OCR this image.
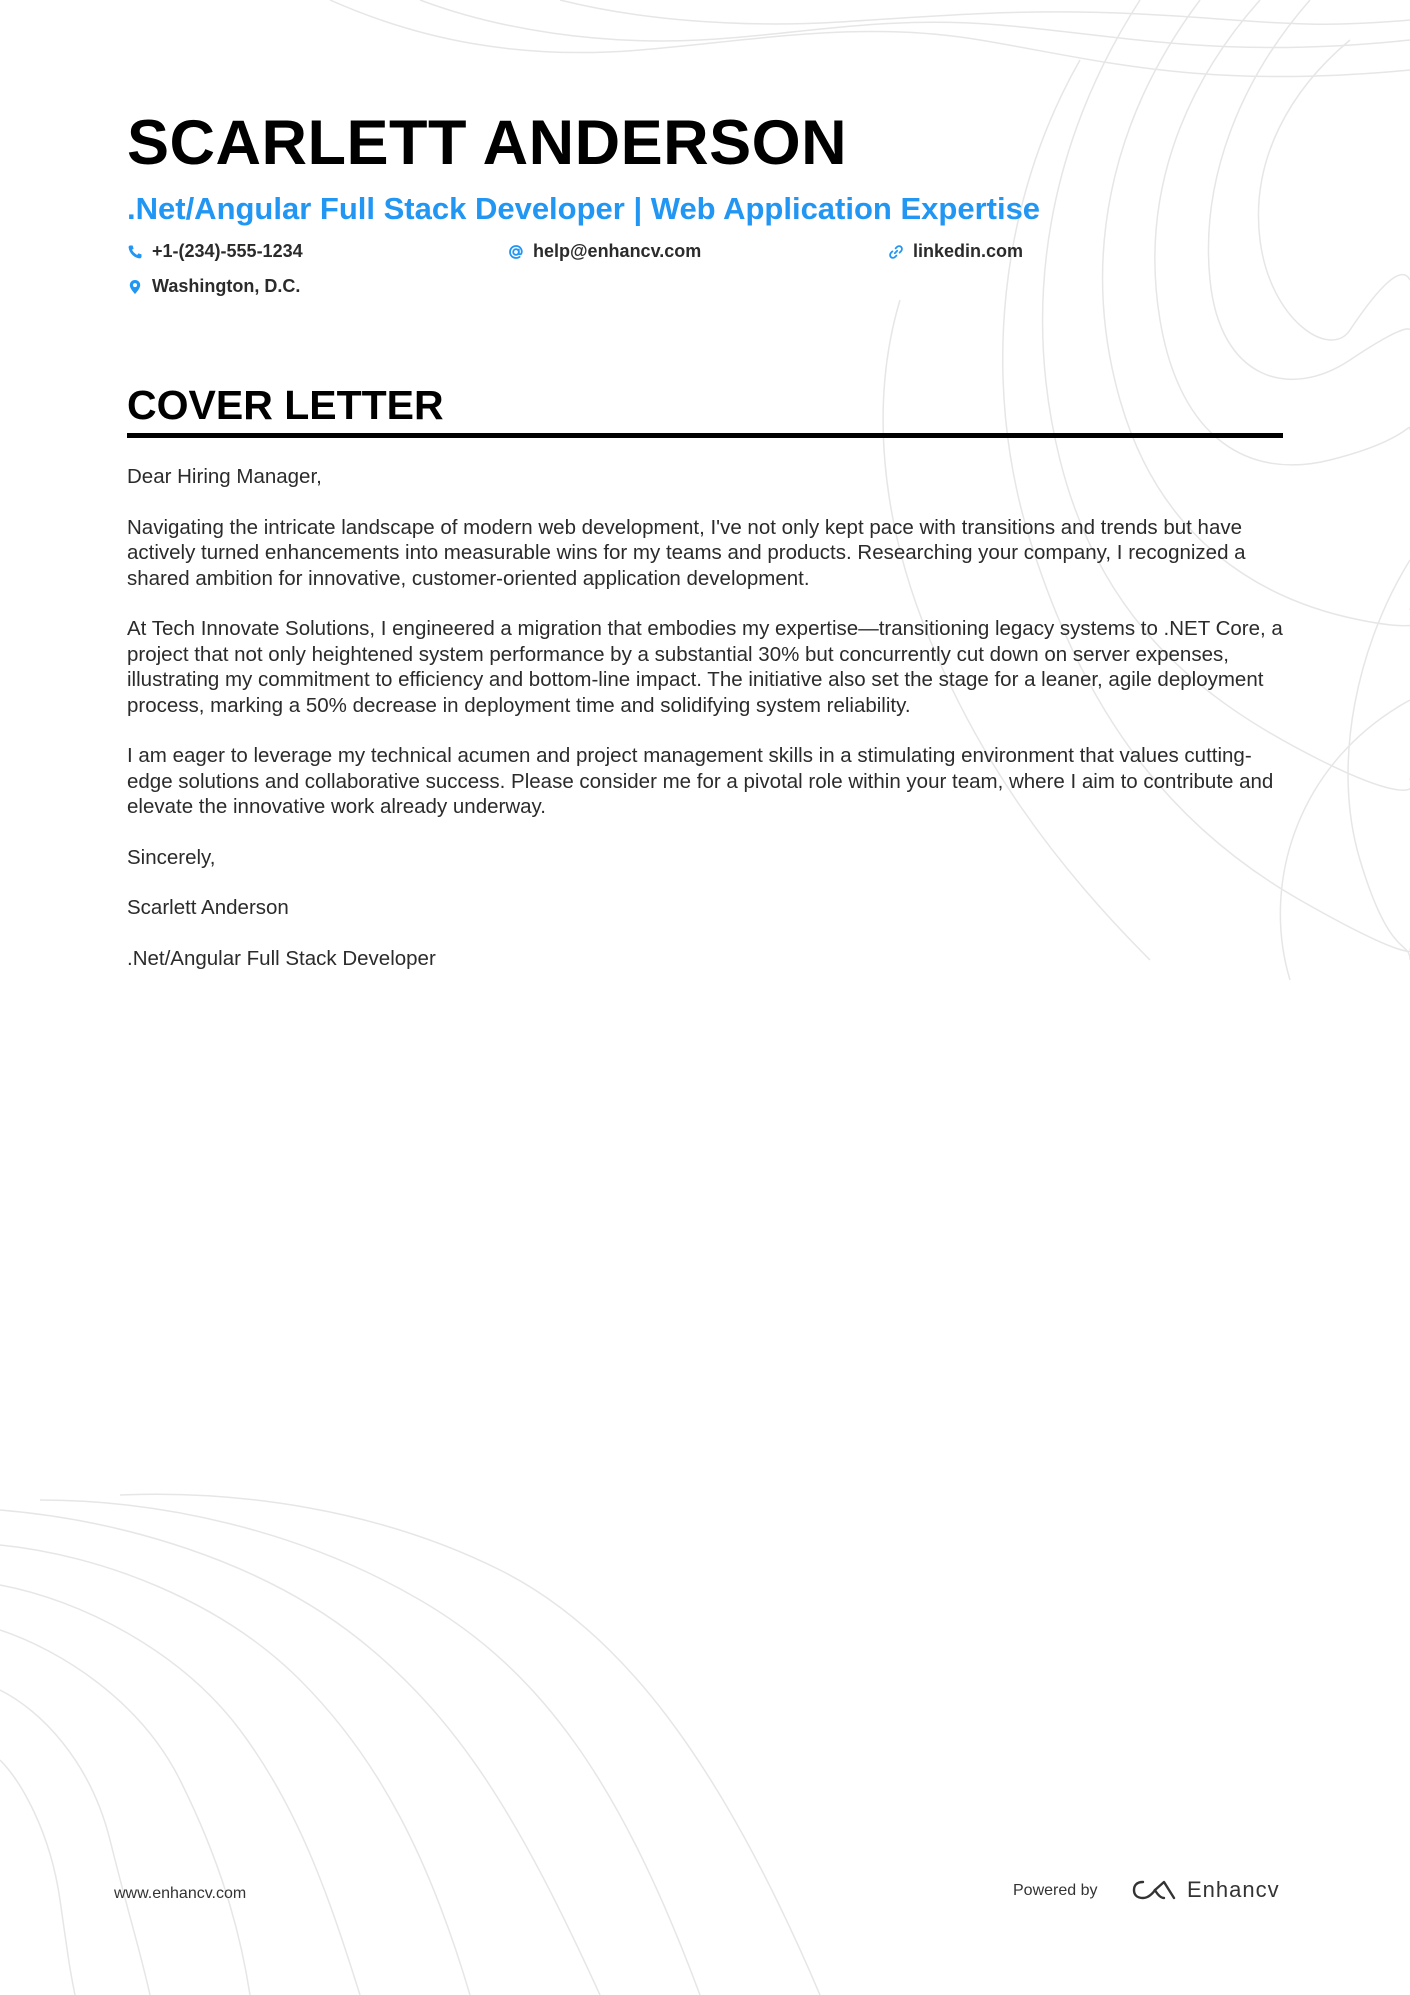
SCARLETT ANDERSON
.Net/Angular Full Stack Developer | Web Application Expertise
+1-(234)-555-1234	help@enhancv.com	linkedin.com
Washington, D.C.
COVER LETTER

Dear Hiring Manager,

Navigating the intricate landscape of modern web development, I've not only kept pace with transitions and trends but have actively turned enhancements into measurable wins for my teams and products. Researching your company, I recognized a shared ambition for innovative, customer-oriented application development.

At Tech Innovate Solutions, I engineered a migration that embodies my expertise—transitioning legacy systems to .NET Core, a project that not only heightened system performance by a substantial 30% but concurrently cut down on server expenses, illustrating my commitment to efficiency and bottom-line impact. The initiative also set the stage for a leaner, agile deployment process, marking a 50% decrease in deployment time and solidifying system reliability.

I am eager to leverage my technical acumen and project management skills in a stimulating environment that values cutting-edge solutions and collaborative success. Please consider me for a pivotal role within your team, where I aim to contribute and elevate the innovative work already underway.

Sincerely,

Scarlett Anderson

.Net/Angular Full Stack Developer

www.enhancv.com	Powered by	Enhancv
